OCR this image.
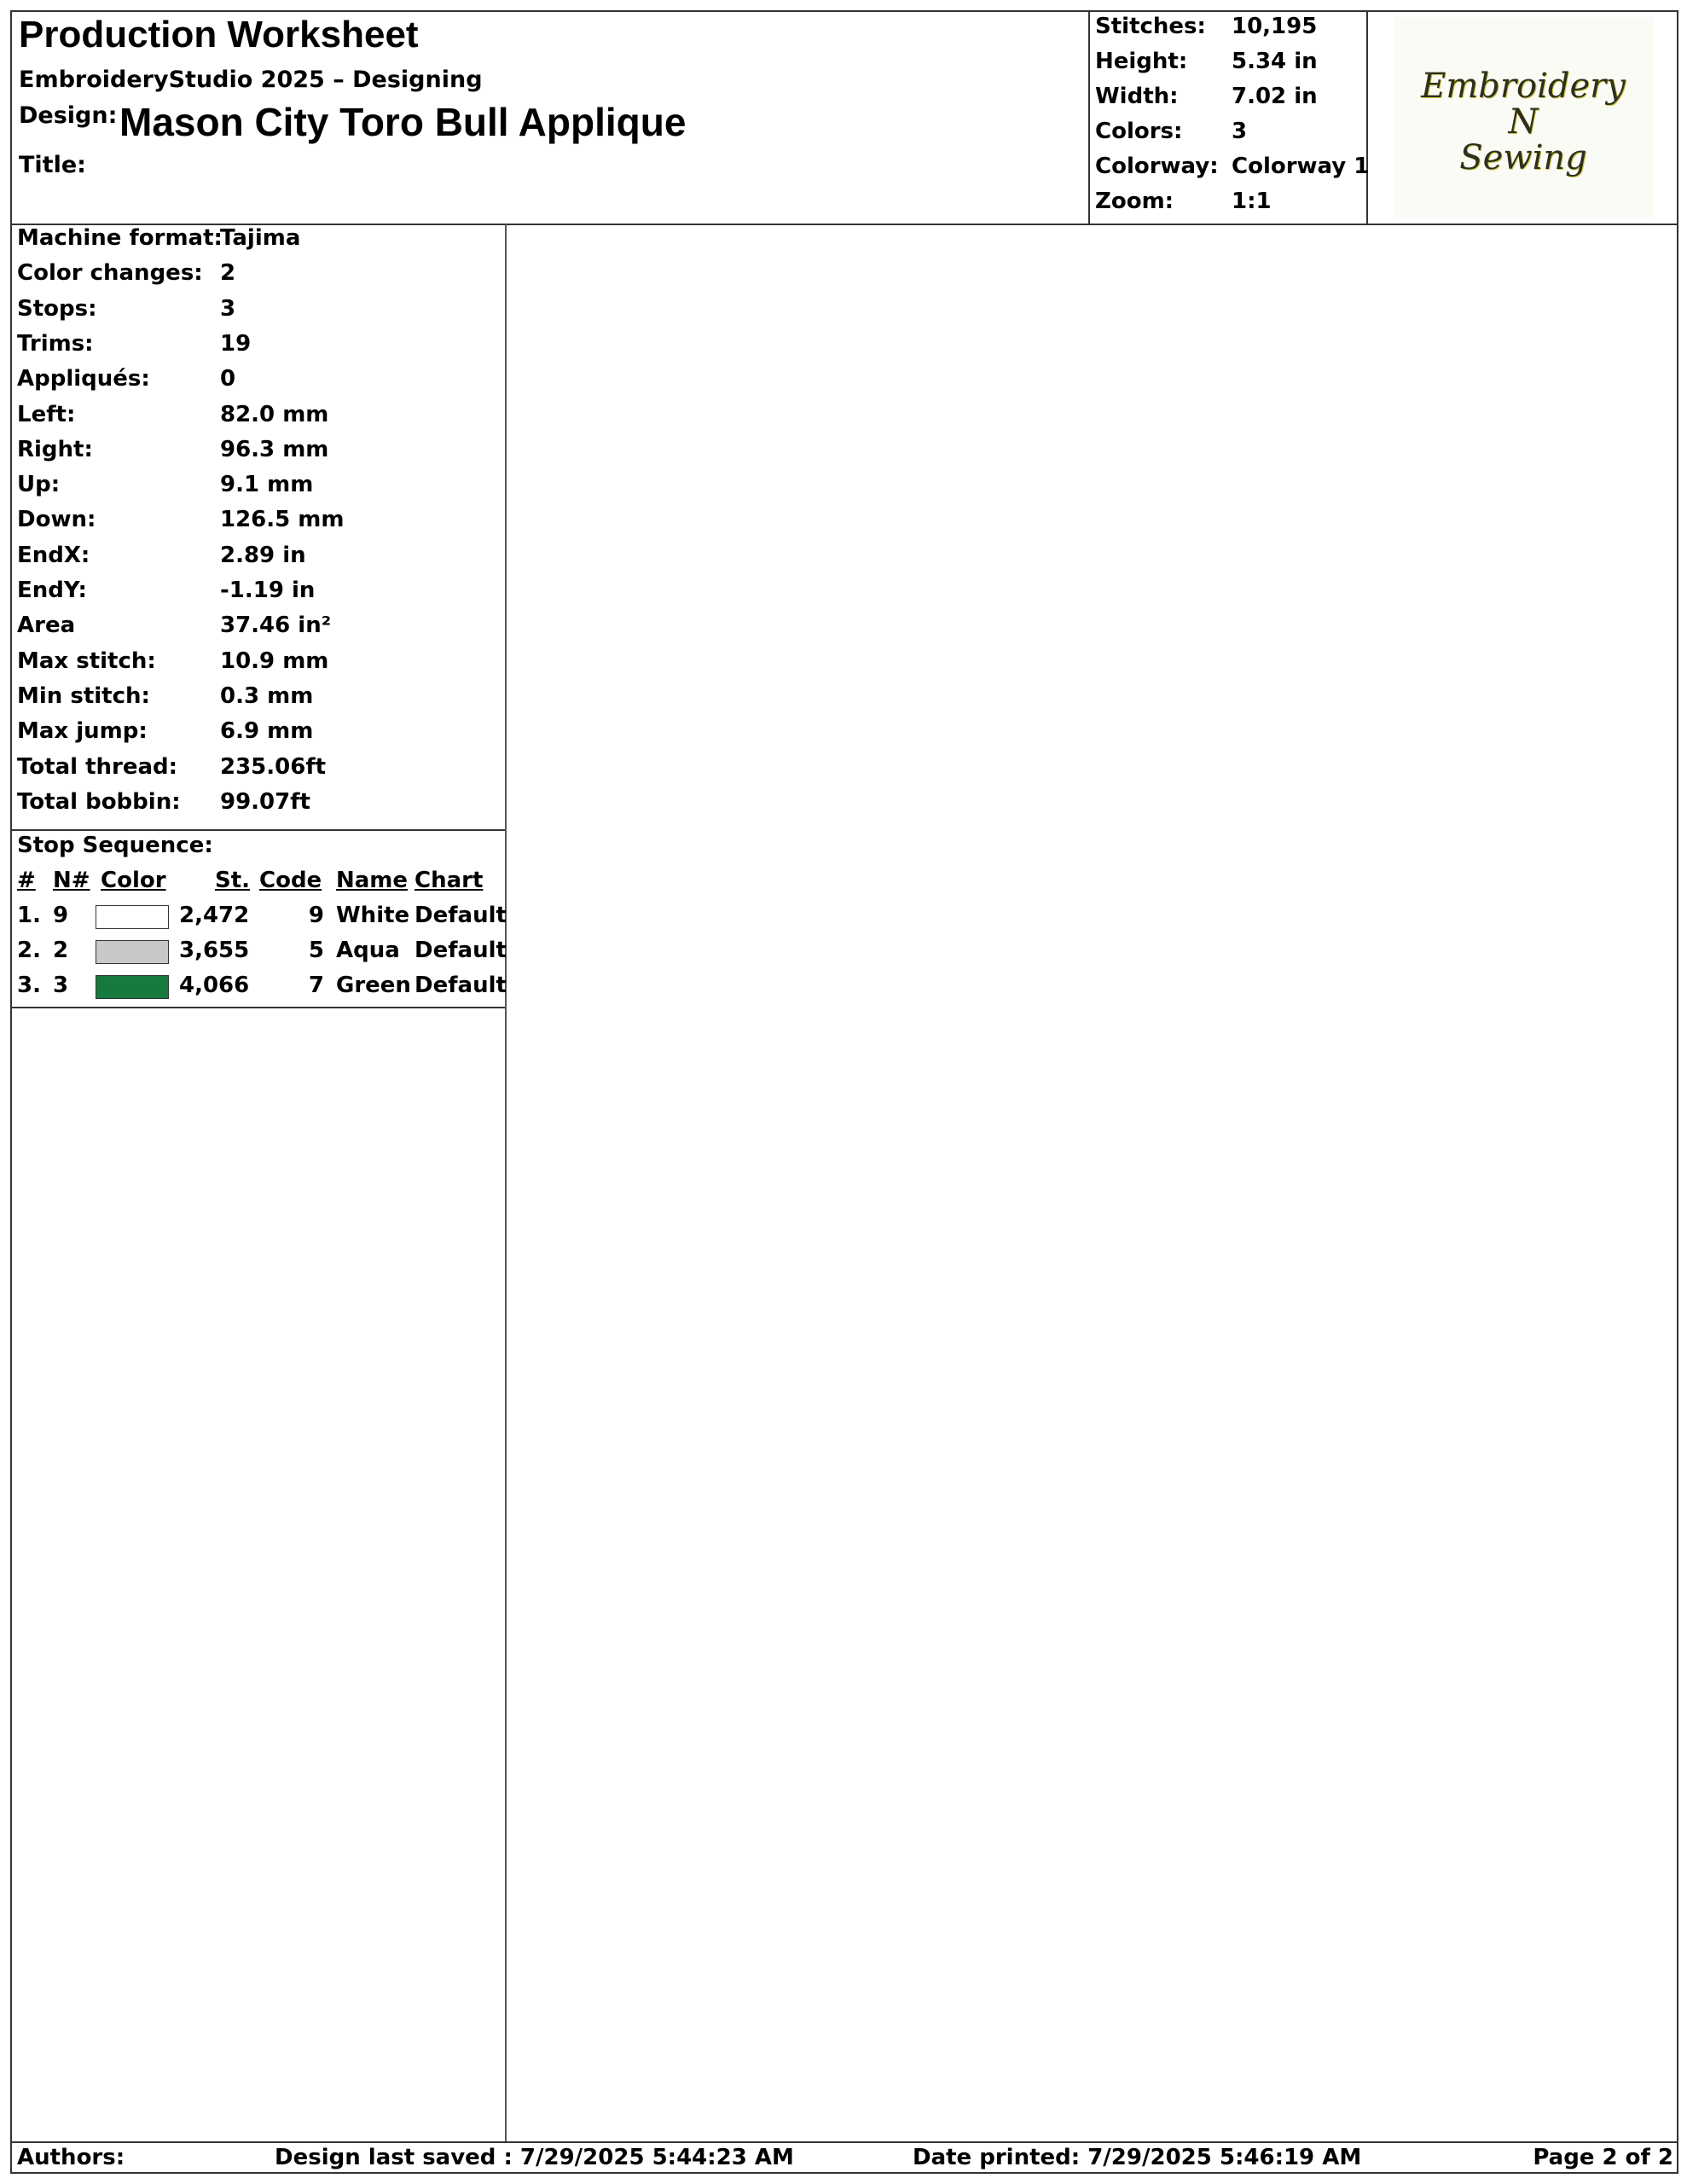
Production Worksheet
EmbroideryStudio 2025 – Designing
Design: Mason City Toro Bull Applique
Title:
Stitches: 10,195
Height: 5.34 in
Width: 7.02 in
Colors: 3
Colorway: Colorway 1
Zoom:	1:1
Embroidery
N
Sewing
Machine format:
Tajima
Color changes: 2
Stops:	3
Trims:	19
Appliqués:	0
Left:	82.0 mm
Right:	96.3 mm
Up:	9.1 mm
Down:	126.5 mm
EndX:	2.89 in
EndY:	-1.19 in
Area	37.46 in²
Max stitch:	10.9 mm
Min stitch:	0.3 mm
Max jump:	6.9 mm
Total thread: 235.06ft
Total bobbin: 99.07ft
Stop Sequence:
# N# Color St. Code Name Chart
1. 9	2,472	9 White Default
2. 2	3,655	5 Aqua Default
3. 3	4,066	7 Green Default
Authors:	Design last saved : 7/29/2025 5:44:23 AM	Date printed: 7/29/2025 5:46:19 AM	Page 2 of 2
